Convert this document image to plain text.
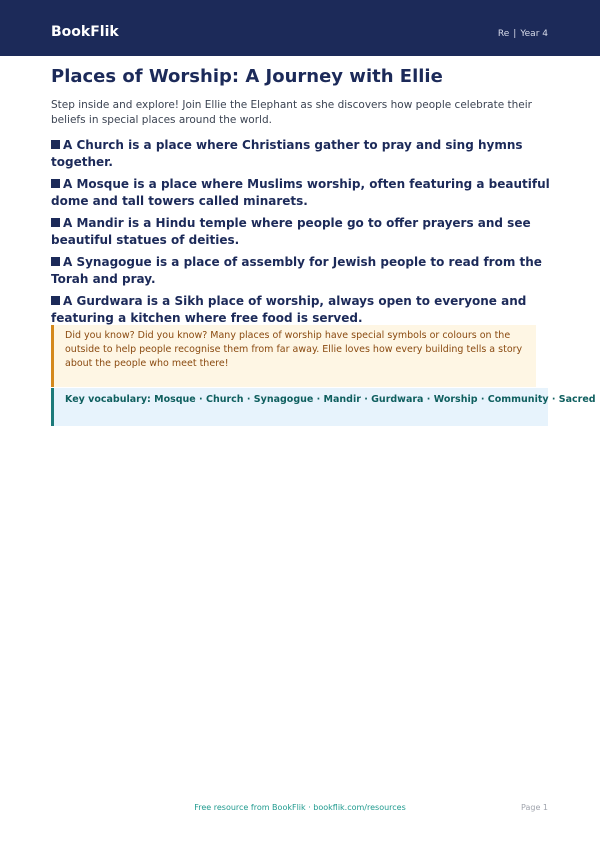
BookFlik	Re | Year 4
Places of Worship: A Journey with Ellie

Step inside and explore! Join Ellie the Elephant as she discovers how people celebrate their beliefs in special places around the world.

A Church is a place where Christians gather to pray and sing hymns together.
A Mosque is a place where Muslims worship, often featuring a beautiful dome and tall towers called minarets.
A Mandir is a Hindu temple where people go to offer prayers and see beautiful statues of deities.
A Synagogue is a place of assembly for Jewish people to read from the Torah and pray.
A Gurdwara is a Sikh place of worship, always open to everyone and featuring a kitchen where free food is served.

Did you know? Did you know? Many places of worship have special symbols or colours on the outside to help people recognise them from far away. Ellie loves how every building tells a story about the people who meet there!

Key vocabulary: Mosque · Church · Synagogue · Mandir · Gurdwara · Worship · Community · Sacred

Free resource from BookFlik · bookflik.com/resources	Page 1
